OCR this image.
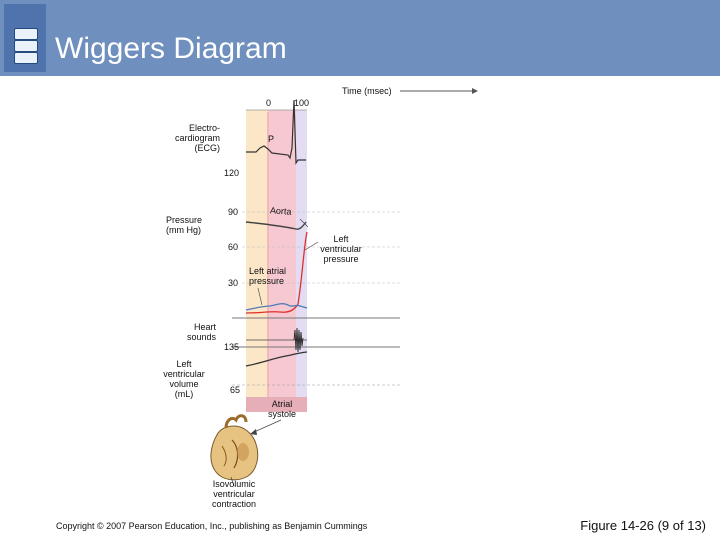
Wiggers Diagram
Time (msec)
0	100
Electro-
cardiogram
(ECG)
P
120
90
60
30
Pressure
(mm Hg)
Aorta
Left
ventricular
pressure
Left atrial
pressure
Heart
sounds
135
65
Left
ventricular
volume
(mL)
Atrial
systole
Isovolumic
ventricular
contraction
Copyright © 2007 Pearson Education, Inc., publishing as Benjamin Cummings	Figure 14-26 (9 of 13)
